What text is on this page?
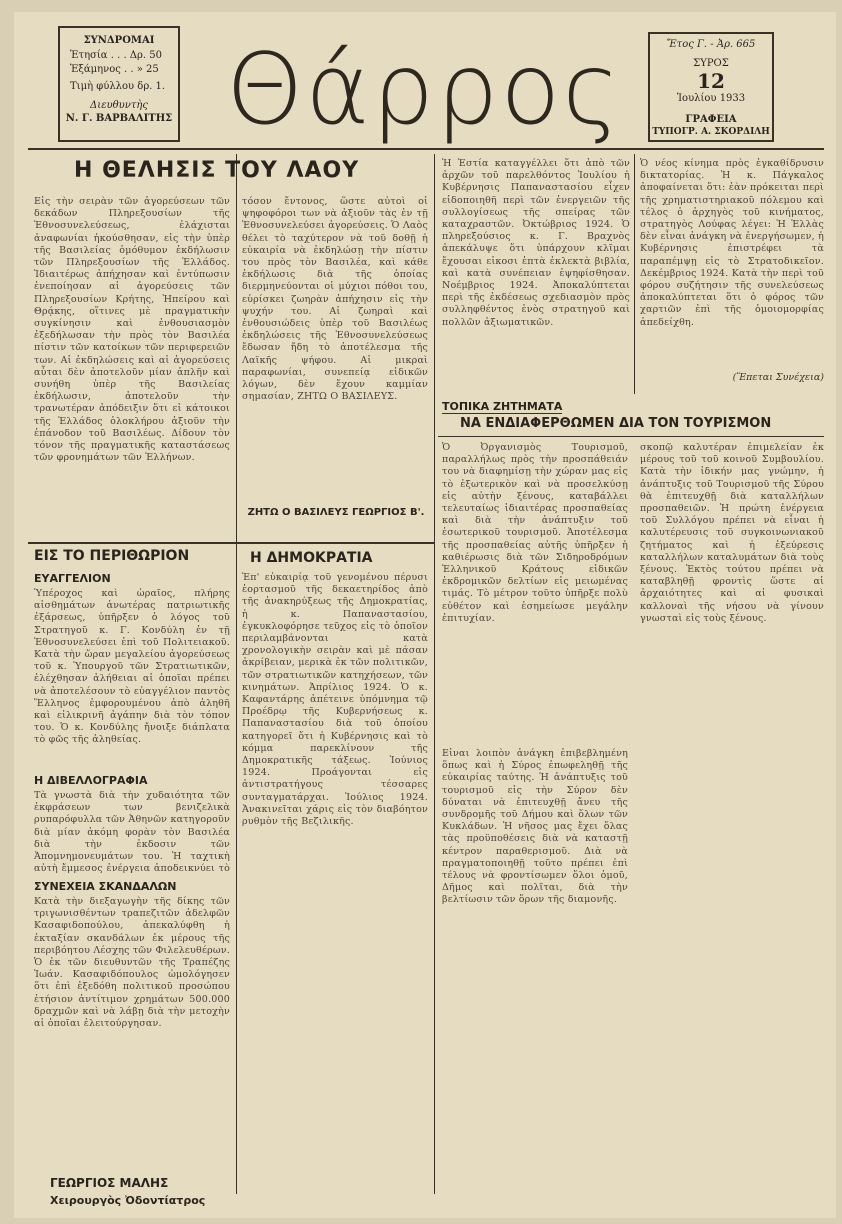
ΣΥΝΔΡΟΜΑΙ
Ἐτησία . . . Δρ. 50
Ἑξάμηνος . . » 25
Τιμὴ φύλλου δρ. 1.
Διευθυντὴς
Ν. Γ. ΒΑΡΒΑΛΙΤΗΣ Θάρρος	Ἔτος Γ. - Ἀρ. 665
ΣΥΡΟΣ
12
Ἰουλίου 1933
ΓΡΑΦΕΙΑ
ΤΥΠΟΓΡ. Α. ΣΚΟΡΔΙΛΗ
Η ΘΕΛΗΣΙΣ ΤΟΥ ΛΑΟΥ
Εἰς τὴν σειρὰν τῶν ἀγορεύσεων τῶν δεκάδων Πληρεξουσίων τῆς Ἐθνοσυνελεύσεως, ἐλάχισται ἀναφωνίαι ἠκούσθησαν, εἰς τὴν ὑπὲρ τῆς Βασιλείας ὁμόθυμον ἐκδήλωσιν τῶν Πληρεξουσίων τῆς Ἑλλάδος. Ἰδιαιτέρως ἀπήχησαν καὶ ἐντύπωσιν ἐνεποίησαν αἱ ἀγορεύσεις τῶν Πληρεξουσίων Κρήτης, Ἠπείρου καὶ Θρᾴκης, οἵτινες μὲ πραγματικὴν συγκίνησιν καὶ ἐνθουσιασμὸν ἐξεδήλωσαν τὴν πρὸς τὸν Βασιλέα πίστιν τῶν κατοίκων τῶν περιφερειῶν των. Αἱ ἐκδηλώσεις καὶ αἱ ἀγορεύσεις αὗται δὲν ἀποτελοῦν μίαν ἁπλῆν καὶ συνήθη ὑπὲρ τῆς Βασιλείας ἐκδήλωσιν, ἀποτελοῦν τὴν τρανωτέραν ἀπόδειξιν ὅτι εἰ κάτοικοι τῆς Ἑλλάδος ὁλοκλήρου ἀξιοῦν τὴν ἐπάνοδον τοῦ Βασιλέως. Δίδουν τὸν τόνον τῆς πραγματικῆς καταστάσεως τῶν φρονημάτων τῶν Ἑλλήνων.
τόσον ἔντονος, ὥστε αὐτοὶ οἱ ψηφοφόροι των νὰ ἀξιοῦν τὰς ἐν τῇ Ἐθνοσυνελεύσει ἀγορεύσεις. Ὁ Λαὸς θέλει τὸ ταχύτερον νὰ τοῦ δοθῇ ἡ εὐκαιρία νὰ ἐκδηλώσῃ τὴν πίστιν του πρὸς τὸν Βασιλέα, καὶ κάθε ἐκδήλωσις διὰ τῆς ὁποίας διερμηνεύονται οἱ μύχιοι πόθοι του, εὑρίσκει ζωηρὰν ἀπήχησιν εἰς τὴν ψυχήν του. Αἱ ζωηραὶ καὶ ἐνθουσιώδεις ὑπὲρ τοῦ Βασιλέως ἐκδηλώσεις τῆς Ἐθνοσυνελεύσεως ἔδωσαν ἤδη τὸ ἀποτέλεσμα τῆς Λαϊκῆς ψήφου. Αἱ μικραὶ παραφωνίαι, συνεπείᾳ εἰδικῶν λόγων, δὲν ἔχουν καμμίαν σημασίαν, ΖΗΤΩ Ο ΒΑΣΙΛΕΥΣ.
ΖΗΤΩ Ο ΒΑΣΙΛΕΥΣ ΓΕΩΡΓΙΟΣ Β'.
Ἡ Ἑστία καταγγέλλει ὅτι ἀπὸ τῶν ἀρχῶν τοῦ παρελθόντος Ἰουλίου ἡ Κυβέρνησις Παπαναστασίου εἶχεν εἰδοποιηθῆ περὶ τῶν ἐνεργειῶν τῆς συλλογίσεως τῆς σπείρας τῶν καταχραστῶν. Ὀκτώβριος 1924. Ὁ πληρεξούσιος κ. Γ. Βραχνὸς ἀπεκάλυψε ὅτι ὑπάρχουν κλῖμαι ἔχουσαι εἰκοσι ἑπτὰ ἐκλεκτὰ βιβλία, καὶ κατὰ συνέπειαν ἐψηφίσθησαν. Νοέμβριος 1924. Ἀποκαλύπτεται περὶ τῆς ἐκδέσεως σχεδιασμὸν πρὸς συλληφθέντος ἑνὸς στρατηγοῦ καὶ πολλῶν ἀξιωματικῶν.
Ὁ νέος κίνημα πρὸς ἐγκαθίδρυσιν δικτατορίας. Ἡ κ. Πάγκαλος ἀποφαίνεται ὅτι: ἐὰν πρόκειται περὶ τῆς χρηματιστηριακοῦ πόλεμου καὶ τέλος ὁ ἀρχηγὸς τοῦ κινήματος, στρατηγὸς Λούφας λέγει: Ἡ Ἑλλὰς δὲν εἶναι ἀνάγκη νὰ ἐνεργήσωμεν, ἡ Κυβέρνησις ἐπιστρέφει τὰ παραπέμψῃ εἰς τὸ Στρατοδικεῖον. Δεκέμβριος 1924. Κατὰ τὴν περὶ τοῦ φόρου συζήτησιν τῆς συνελεύσεως ἀποκαλύπτεται ὅτι ὁ φόρος τῶν χαρτιῶν ἐπὶ τῆς ὁμοιομορφίας ἀπεδείχθη.
(Ἕπεται Συνέχεια)
ΕΙΣ ΤΟ ΠΕΡΙΘΩΡΙΟΝ
ΕΥΑΓΓΕΛΙΟΝ
Ὑπέροχος καὶ ὡραῖος, πλήρης αἰσθημάτων ἀνωτέρας πατριωτικῆς ἐξάρσεως, ὑπῆρξεν ὁ λόγος τοῦ Στρατηγοῦ κ. Γ. Κονδύλη ἐν τῇ Ἐθνοσυνελεύσει ἐπὶ τοῦ Πολιτειακοῦ. Κατὰ τὴν ὥραν μεγαλείου ἀγορεύσεως τοῦ κ. Ὑπουργοῦ τῶν Στρατιωτικῶν, ἐλέχθησαν ἀλήθειαι αἱ ὁποῖαι πρέπει νὰ ἀποτελέσουν τὸ εὐαγγέλιον παντὸς Ἕλληνος ἐμφορουμένου ἀπὸ ἀληθῆ καὶ εἰλικρινῆ ἀγάπην διὰ τὸν τόπον του. Ὁ κ. Κονδύλης ἤνοιξε διάπλατα τὸ φῶς τῆς ἀληθείας.
Η ΔΙΒΕΛΛΟΓΡΑΦΙΑ
Τὰ γνωστὰ διὰ τὴν χυδαιότητα τῶν ἐκφράσεων των βενιζελικὰ ρυπαρόφυλλα τῶν Ἀθηνῶν κατηγοροῦν διὰ μίαν ἀκόμη φορὰν τὸν Βασιλέα διὰ τὴν ἐκδοσιν τῶν Ἀπομνημονευμάτων του. Ἡ ταχτικὴ αὐτὴ ἔμμεσος ἐνέργεια ἀποδεικνύει τὸ
ΣΥΝΕΧΕΙΑ ΣΚΑΝΔΑΛΩΝ
Κατὰ τὴν διεξαγωγὴν τῆς δίκης τῶν τριγωνισθέντων τραπεζιτῶν ἀδελφῶν Κασαφιδοπούλου, ἀπεκαλύφθη ἡ ἐκταξίαν σκανδάλων ἐκ μέρους τῆς περιβόητου Λέσχης τῶν Φιλελευθέρων. Ὁ ἐκ τῶν διευθυντῶν τῆς Τραπέζης Ἰωάν. Κασαφιδόπουλος ὡμολόγησεν ὅτι ἐπὶ ἐξεδόθη πολιτικοῦ προσώπου ἐτήσιον ἀντίτιμον χρημάτων 500.000 δραχμῶν καὶ νὰ λάβῃ διὰ τὴν μετοχὴν αἱ ὁποῖαι ἐλειτούργησαν.
Η ΔΗΜΟΚΡΑΤΙΑ
Ἐπ' εὐκαιρίᾳ τοῦ γενομένου πέρυσι ἑορτασμοῦ τῆς δεκαετηρίδος ἀπὸ τῆς ἀνακηρύξεως τῆς Δημοκρατίας, ἡ κ. Παπαναστασίου, ἐγκυκλοφόρησε τεῦχος εἰς τὸ ὁποῖον περιλαμβάνονται κατὰ χρονολογικὴν σειρὰν καὶ μὲ πάσαν ἀκρίβειαν, μερικὰ ἐκ τῶν πολιτικῶν, τῶν στρατιωτικῶν κατηχήσεων, τῶν κινημάτων. Ἀπρίλιος 1924. Ὁ κ. Καφαντάρης ἀπέτεινε ὑπόμνημα τῷ Προέδρῳ τῆς Κυβερνήσεως κ. Παπαναστασίου διὰ τοῦ ὁποίου κατηγορεῖ ὅτι ἡ Κυβέρνησις καὶ τὸ κόμμα παρεκλίνουν τῆς Δημοκρατικῆς τάξεως. Ἰούνιος 1924. Προάγονται εἰς ἀντιστρατήγους τέσσαρες συνταγματάρχαι. Ἰούλιος 1924. Ἀνακινεῖται χάρις εἰς τὸν διαβόητον ρυθμὸν τῆς Βεζιλικῆς.
ΤΟΠΙΚΑ ΖΗΤΗΜΑΤΑ
ΝΑ ΕΝΔΙΑΦΕΡΘΩΜΕΝ ΔΙΑ ΤΟΝ ΤΟΥΡΙΣΜΟΝ
Ὁ Ὀργανισμὸς Τουρισμοῦ, παραλλήλως πρὸς τὴν προσπάθειάν του νὰ διαφημίσῃ τὴν χώραν μας εἰς τὸ ἐξωτερικὸν καὶ νὰ προσελκύσῃ εἰς αὐτὴν ξένους, καταβάλλει τελευταίως ἰδιαιτέρας προσπαθείας καὶ διὰ τὴν ἀνάπτυξιν τοῦ ἐσωτερικοῦ τουρισμοῦ. Ἀποτέλεσμα τῆς προσπαθείας αὐτῆς ὑπῆρξεν ἡ καθιέρωσις διὰ τῶν Σιδηροδρόμων Ἑλληνικοῦ Κράτους εἰδικῶν ἐκδρομικῶν δελτίων εἰς μειωμένας τιμάς. Τὸ μέτρον τοῦτο ὑπῆρξε πολὺ εὐθέτον καὶ ἐσημείωσε μεγάλην ἐπιτυχίαν.
Εἶναι λοιπὸν ἀνάγκη ἐπιβεβλημένη ὅπως καὶ ἡ Σύρος ἐπωφεληθῇ τῆς εὐκαιρίας ταύτης. Ἡ ἀνάπτυξις τοῦ τουρισμοῦ εἰς τὴν Σύρον δὲν δύναται νὰ ἐπιτευχθῇ ἄνευ τῆς συνδρομῆς τοῦ Δήμου καὶ ὅλων τῶν Κυκλάδων. Ἡ νῆσος μας ἔχει ὅλας τὰς προϋποθέσεις διὰ νὰ καταστῇ κέντρον παραθερισμοῦ. Διὰ νὰ πραγματοποιηθῇ τοῦτο πρέπει ἐπὶ τέλους νὰ φροντίσωμεν ὅλοι ὁμοῦ, Δῆμος καὶ πολῖται, διὰ τὴν βελτίωσιν τῶν ὅρων τῆς διαμονῆς.
σκοπῷ καλυτέραν ἐπιμελείαν ἐκ μέρους τοῦ τοῦ κοινοῦ Συμβουλίου. Κατὰ τὴν ἰδικήν μας γνώμην, ἡ ἀνάπτυξις τοῦ Τουρισμοῦ τῆς Σύρου θὰ ἐπιτευχθῇ διὰ καταλλήλων προσπαθειῶν. Ἡ πρώτη ἐνέργεια τοῦ Συλλόγου πρέπει νὰ εἶναι ἡ καλυτέρευσις τοῦ συγκοινωνιακοῦ ζητήματος καὶ ἡ ἐξεύρεσις καταλλήλων καταλυμάτων διὰ τοὺς ξένους. Ἐκτὸς τούτου πρέπει νὰ καταβληθῇ φροντὶς ὥστε αἱ ἀρχαιότητες καὶ αἱ φυσικαὶ καλλοναὶ τῆς νήσου νὰ γίνουν γνωσταὶ εἰς τοὺς ξένους.
ΓΕΩΡΓΙΟΣ ΜΑΛΗΣ
Χειρουργὸς Ὀδοντίατρος
